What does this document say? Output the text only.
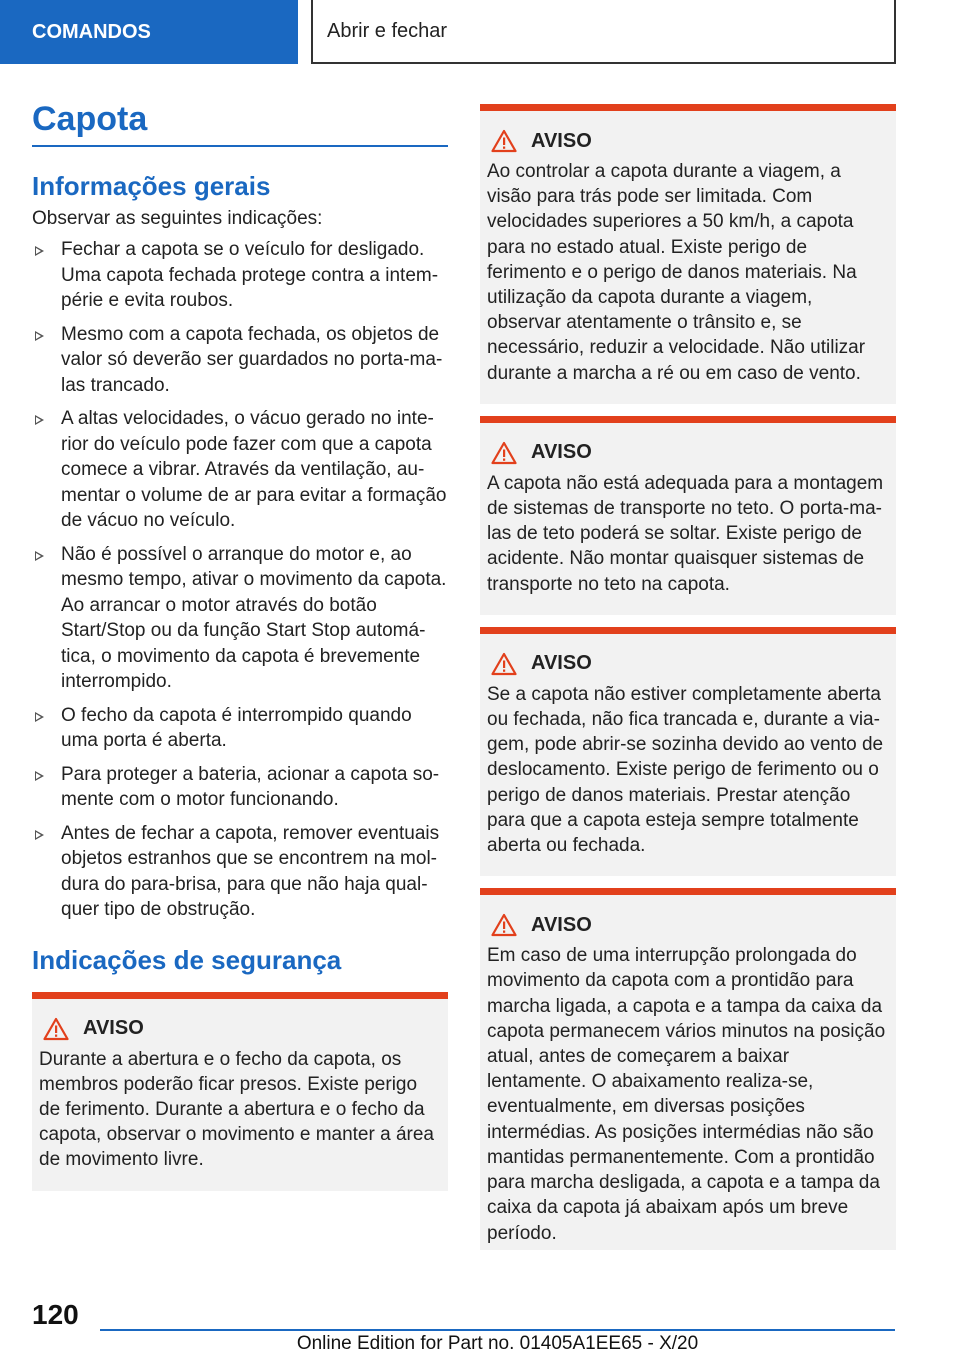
COMANDOS	Abrir e fechar
Capota
Informações gerais
Observar as seguintes indicações:
Fechar a capota se o veículo for desligado. Uma capota fechada protege contra a intempérie e evita roubos.
Mesmo com a capota fechada, os objetos de valor só deverão ser guardados no porta-malas trancado.
A altas velocidades, o vácuo gerado no interior do veículo pode fazer com que a capota comece a vibrar. Através da ventilação, aumentar o volume de ar para evitar a formação de vácuo no veículo.
Não é possível o arranque do motor e, ao mesmo tempo, ativar o movimento da capota. Ao arrancar o motor através do botão Start/Stop ou da função Start Stop automática, o movimento da capota é brevemente interrompido.
O fecho da capota é interrompido quando uma porta é aberta.
Para proteger a bateria, acionar a capota somente com o motor funcionando.
Antes de fechar a capota, remover eventuais objetos estranhos que se encontrem na moldura do para-brisa, para que não haja qualquer tipo de obstrução.
Indicações de segurança
AVISO
Durante a abertura e o fecho da capota, os membros poderão ficar presos. Existe perigo de ferimento. Durante a abertura e o fecho da capota, observar o movimento e manter a área de movimento livre.
AVISO
Ao controlar a capota durante a viagem, a visão para trás pode ser limitada. Com velocidades superiores a 50 km/h, a capota para no estado atual. Existe perigo de ferimento e o perigo de danos materiais. Na utilização da capota durante a viagem, observar atentamente o trânsito e, se necessário, reduzir a velocidade. Não utilizar durante a marcha a ré ou em caso de vento.
AVISO
A capota não está adequada para a montagem de sistemas de transporte no teto. O porta-malas de teto poderá se soltar. Existe perigo de acidente. Não montar quaisquer sistemas de transporte no teto na capota.
AVISO
Se a capota não estiver completamente aberta ou fechada, não fica trancada e, durante a viagem, pode abrir-se sozinha devido ao vento de deslocamento. Existe perigo de ferimento ou o perigo de danos materiais. Prestar atenção para que a capota esteja sempre totalmente aberta ou fechada.
AVISO
Em caso de uma interrupção prolongada do movimento da capota com a prontidão para marcha ligada, a capota e a tampa da caixa da capota permanecem vários minutos na posição atual, antes de começarem a baixar lentamente. O abaixamento realiza-se, eventualmente, em diversas posições intermédias. As posições intermédias não são mantidas permanentemente. Com a prontidão para marcha desligada, a capota e a tampa da caixa da capota já abaixam após um breve período.
120
Online Edition for Part no. 01405A1EE65 - X/20
